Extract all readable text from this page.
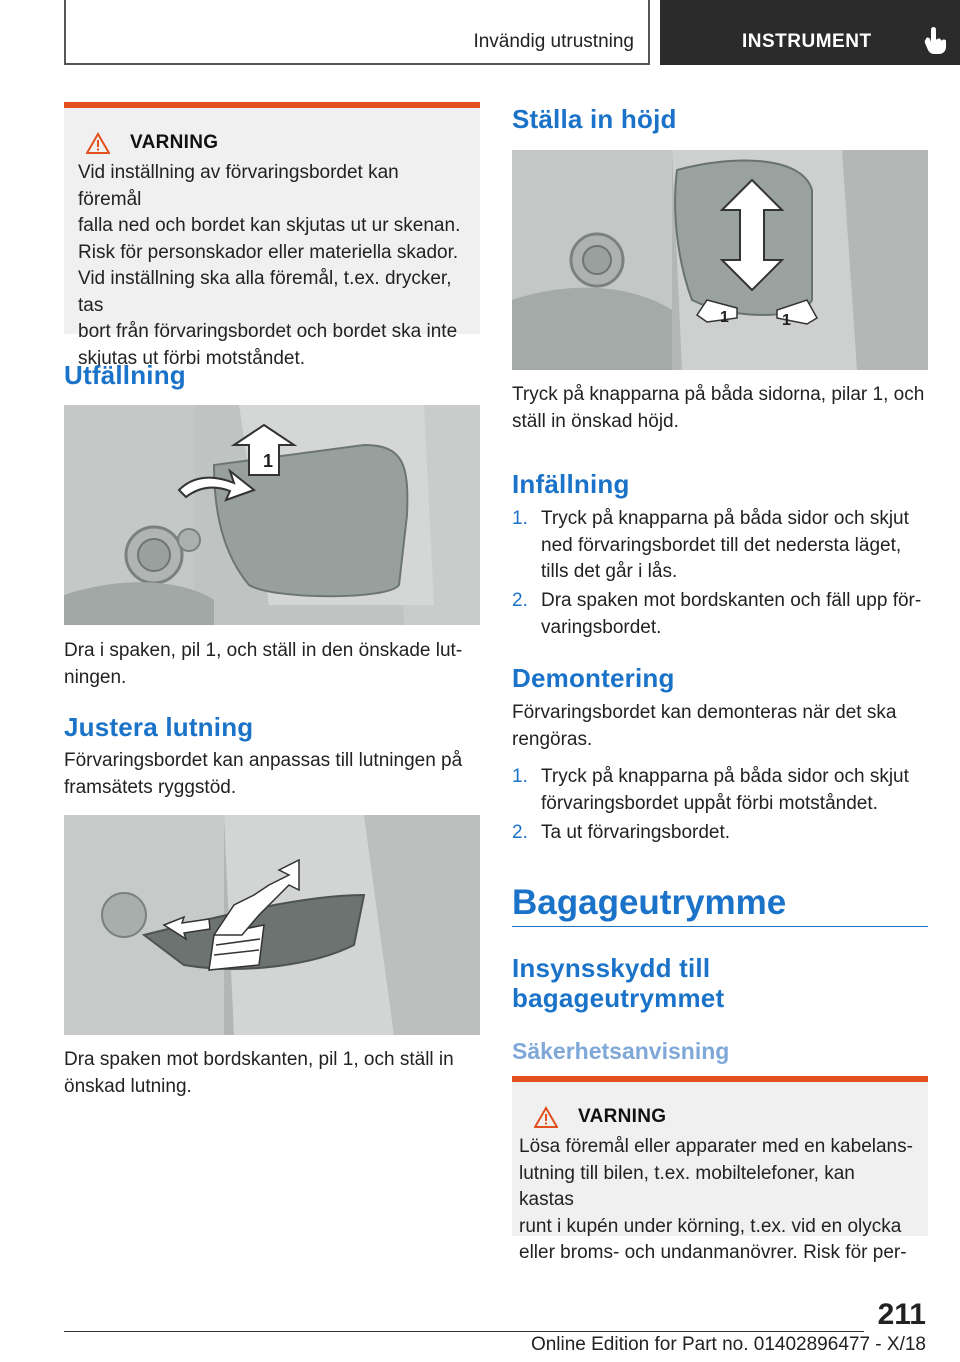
Invändig utrustning	INSTRUMENT
VARNING
Vid inställning av förvaringsbordet kan föremål
falla ned och bordet kan skjutas ut ur skenan.
Risk för personskador eller materiella skador.
Vid inställning ska alla föremål, t.ex. drycker, tas
bort från förvaringsbordet och bordet ska inte
skjutas ut förbi motståndet.
Utfällning
1
Dra i spaken, pil 1, och ställ in den önskade lut-
ningen.
Justera lutning
Förvaringsbordet kan anpassas till lutningen på
framsätets ryggstöd.
Dra spaken mot bordskanten, pil 1, och ställ in
önskad lutning.
Ställa in höjd
1	1
Tryck på knapparna på båda sidorna, pilar 1, och
ställ in önskad höjd.
Infällning
1. Tryck på knapparna på båda sidor och skjut
ned förvaringsbordet till det nedersta läget,
tills det går i lås.
2. Dra spaken mot bordskanten och fäll upp för-
varingsbordet.
Demontering
Förvaringsbordet kan demonteras när det ska
rengöras.
1. Tryck på knapparna på båda sidor och skjut
förvaringsbordet uppåt förbi motståndet.
2. Ta ut förvaringsbordet.
Bagageutrymme
Insynsskydd till
bagageutrymmet
Säkerhetsanvisning
VARNING
Lösa föremål eller apparater med en kabelans-
lutning till bilen, t.ex. mobiltelefoner, kan kastas
runt i kupén under körning, t.ex. vid en olycka
eller broms- och undanmanövrer. Risk för per-
211
Online Edition for Part no. 01402896477 - X/18
